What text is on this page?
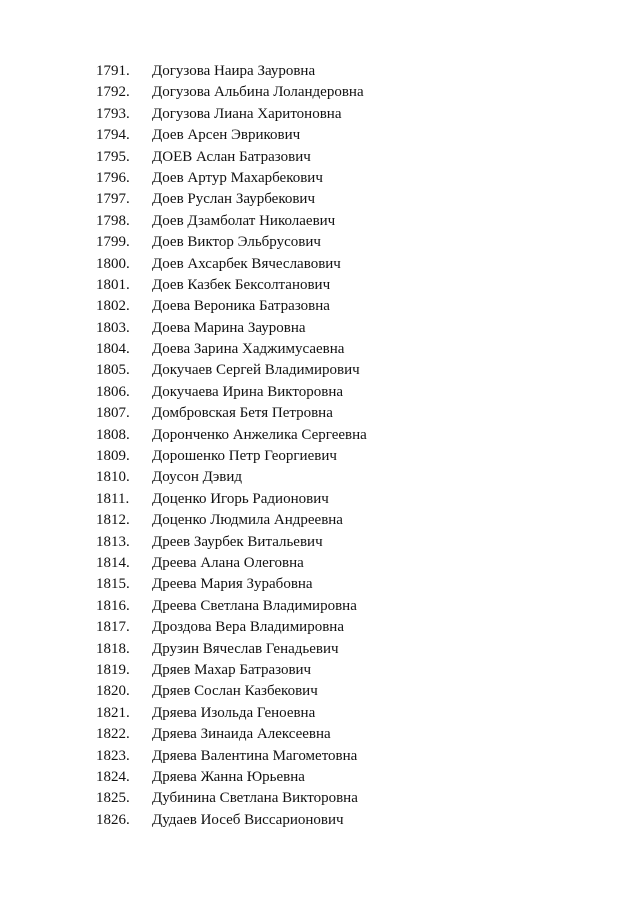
1791.	Догузова Наира Зауровна
1792.	Догузова Альбина Лоландеровна
1793.	Догузова Лиана Харитоновна
1794.	Доев Арсен Эврикович
1795.	ДОЕВ Аслан Батразович
1796.	Доев Артур Махарбекович
1797.	Доев Руслан Заурбекович
1798.	Доев Дзамболат Николаевич
1799.	Доев Виктор Эльбрусович
1800.	Доев Ахсарбек Вячеславович
1801.	Доев Казбек Бексолтанович
1802.	Доева Вероника Батразовна
1803.	Доева Марина Зауровна
1804.	Доева Зарина Хаджимусаевна
1805.	Докучаев Сергей Владимирович
1806.	Докучаева Ирина Викторовна
1807.	Домбровская Бетя Петровна
1808.	Доронченко Анжелика Сергеевна
1809.	Дорошенко Петр Георгиевич
1810.	Доусон Дэвид
1811.	Доценко Игорь Радионович
1812.	Доценко Людмила Андреевна
1813.	Дреев Заурбек Витальевич
1814.	Дреева Алана Олеговна
1815.	Дреева Мария Зурабовна
1816.	Дреева Светлана Владимировна
1817.	Дроздова Вера Владимировна
1818.	Друзин Вячеслав Генадьевич
1819.	Дряев Махар Батразович
1820.	Дряев Сослан Казбекович
1821.	Дряева Изольда Геноевна
1822.	Дряева Зинаида Алексеевна
1823.	Дряева Валентина Магометовна
1824.	Дряева Жанна Юрьевна
1825.	Дубинина Светлана Викторовна
1826.	Дудаев Иосеб Виссарионович
